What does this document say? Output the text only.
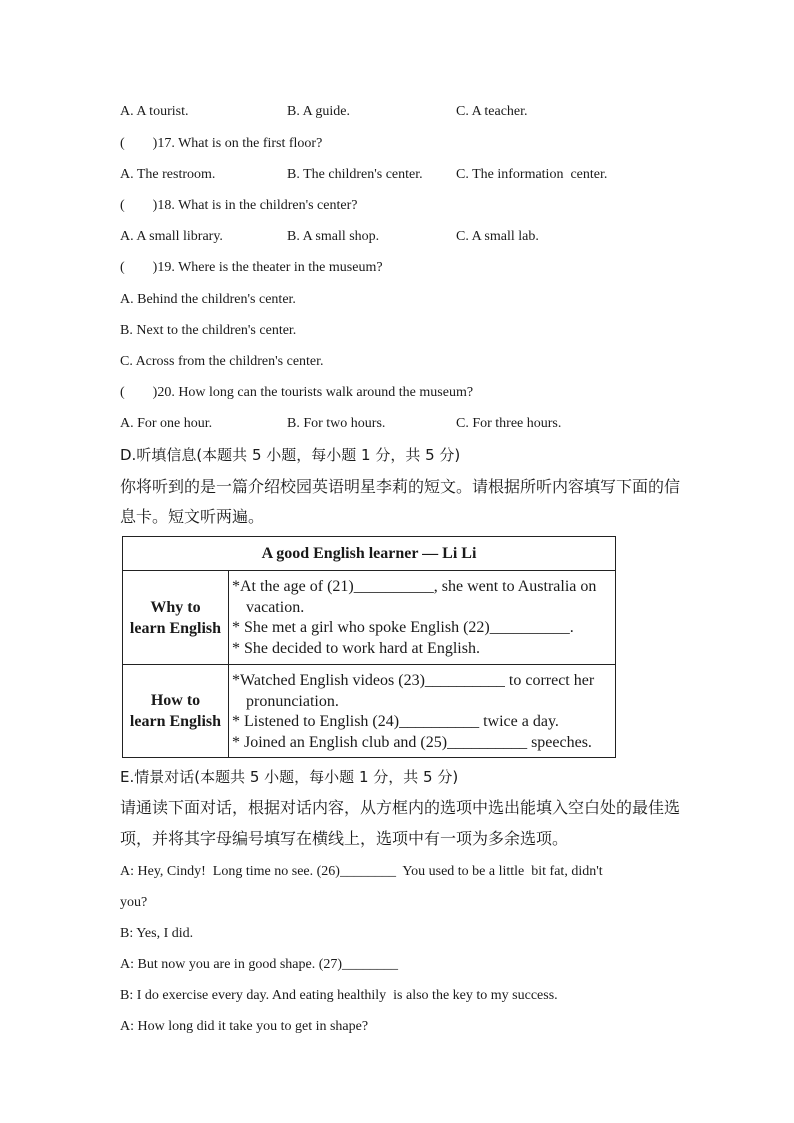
A. A tourist.	B. A guide.	C. A teacher.
(        )17. What is on the first floor?
A. The restroom.	B. The children's center. C. The information  center.
(        )18. What is in the children's center?
A. A small library.	B. A small shop.	C. A small lab.
(        )19. Where is the theater in the museum?
A. Behind the children's center.
B. Next to the children's center.
C. Across from the children's center.
(        )20. How long can the tourists walk around the museum?
A. For one hour.	B. For two hours.	C. For three hours.
D.听填信息(本题共 5 小题，每小题 1 分，共 5 分)
你将听到的是一篇介绍校园英语明星李莉的短文。请根据所听内容填写下面的信
息卡。短文听两遍。
A good English learner — Li Li
Why to
learn English
*At the age of (21)__________, she went to Australia on
vacation.
* She met a girl who spoke English (22)__________.
* She decided to work hard at English.
How to
learn English
*Watched English videos (23)__________ to correct her
pronunciation.
* Listened to English (24)__________ twice a day.
* Joined an English club and (25)__________ speeches.
E.情景对话(本题共 5 小题，每小题 1 分，共 5 分)
请通读下面对话，根据对话内容，从方框内的选项中选出能填入空白处的最佳选
项，并将其字母编号填写在横线上，选项中有一项为多余选项。
A: Hey, Cindy!  Long time no see. (26)________  You used to be a little  bit fat, didn't
you?
B: Yes, I did.
A: But now you are in good shape. (27)________
B: I do exercise every day. And eating healthily  is also the key to my success.
A: How long did it take you to get in shape?
